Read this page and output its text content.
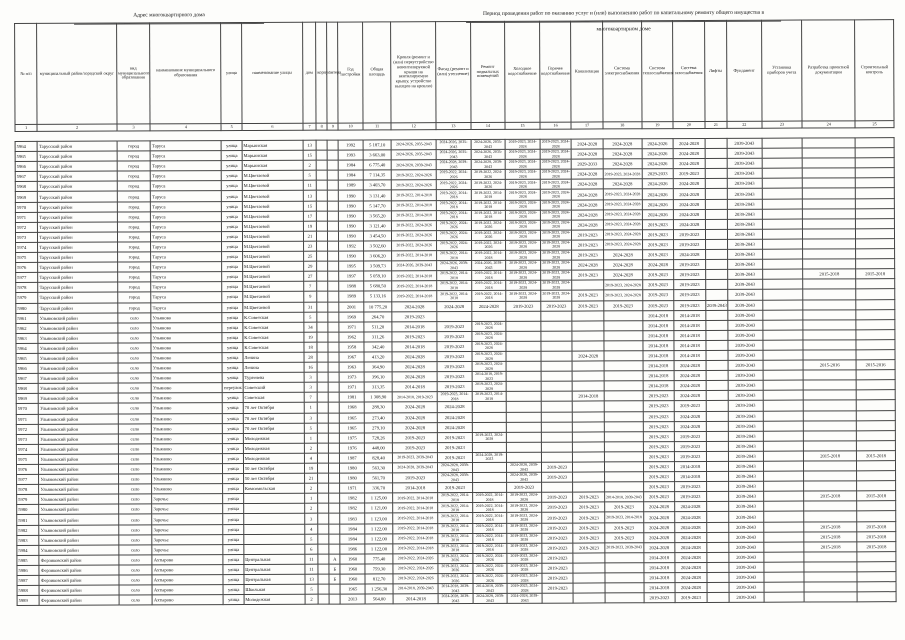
Адрес многоквартирного дома	Период проведения работ по оказанию услуг и (или) выполнению работ по капитальному ремонту общего имущества в многоквартирном доме
№ п/п	муниципальный район/городской округ	вид муниципального образования	наименование муниципального образования	улица	наименование улицы	дом	корпус	литера	Год постройки	Общая площадь	Кровля (ремонт и (или) переустройство невентилируемой крыши на вентилируемую крышу, устройство выходов на кровлю)	Фасад (ремонт и (или) утепление)	Ремонт подвальных помещений	Холодное водоснабжение	Горячее водоснабжение	Канализация	Система электроснабжения	Система теплоснабжения	Система газоснабжения	Лифты	Фундамент	Установка приборов учета	Разработка проектной документации	Строительный контроль
1	2	3	4	5	6	7	8	9	10	11	12	13	14	15	16	17	18	19	20	21	22	23	24	25
5964	Тарусский район	город	Таруса	улица	Марьинская	13			1992	5 187,10	2024-2026, 2035-2043	2024-2026, 2035-2043	2024-2026, 2035-2043	2019-2023, 2024-2028	2019-2023, 2024-2028	2024-2028	2024-2028	2024-2026	2024-2028		2039-2043			
5965	Тарусский район	город	Таруса	улица	Марьинская	15			1993	3 663,00	2024-2026, 2035-2043	2024-2026, 2035-2043	2024-2026, 2035-2043	2019-2023, 2024-2028	2019-2023, 2024-2028	2024-2028	2024-2028	2024-2026	2024-2028		2039-2043			
5966	Тарусский район	город	Таруса	улица	Марьинская	2			1984	6 775,40	2024-2028, 2039-2043	2024-2028, 2039-2043	2024-2028, 2039-2043	2019-2023, 2024-2028	2019-2023, 2024-2028	2029-2033	2024-2028	2024-2026	2024-2028		2039-2043			
5967	Тарусский район	город	Таруса	улица	М.Цветаевой	5			1984	7 114,35	2019-2022, 2024-2026	2019-2022, 2024-2026	2019-2022, 2024-2026	2019-2023, 2024-2028	2019-2023, 2024-2028	2024-2028	2019-2023, 2024-2028	2029-2033	2019-2023		2039-2043			
5968	Тарусский район	город	Таруса	улица	М.Цветаевой	11			1989	3 403,70	2019-2022, 2024-2026	2019-2022, 2024-2026	2019-2022, 2024-2026	2019-2023, 2024-2028	2019-2023, 2024-2028	2024-2028	2024-2028	2024-2026	2024-2028		2039-2043			
5969	Тарусский район	город	Таруса	улица	М.Цветаевой	13			1990	3 131,40	2019-2022, 2014-2018	2019-2022, 2014-2018	2019-2022, 2014-2018	2019-2023, 2024-2028	2019-2023, 2024-2028	2024-2028	2019-2023, 2024-2028	2024-2026	2024-2028		2039-2043			
5970	Тарусский район	город	Таруса	улица	М.Цветаевой	15			1990	5 147,70	2019-2022, 2014-2018	2019-2022, 2014-2018	2019-2022, 2014-2018	2019-2023, 2024-2028	2019-2023, 2024-2028	2024-2028	2019-2023, 2024-2028	2024-2026	2024-2028		2039-2043			
5971	Тарусский район	город	Таруса	улица	М.Цветаевой	17			1990	3 565,20	2019-2022, 2014-2018	2019-2022, 2014-2018	2019-2022, 2014-2018	2019-2023, 2024-2028	2019-2023, 2024-2028	2024-2028	2019-2023, 2024-2028	2024-2026	2024-2028		2039-2043			
5972	Тарусский район	город	Таруса	улица	М.Цветаевой	19			1990	3 121,40	2019-2022, 2024-2026	2019-2022, 2024-2026	2019-2022, 2024-2026	2019-2023, 2024-2028	2019-2023, 2024-2028	2024-2028	2019-2023, 2024-2028	2019-2023	2024-2028		2039-2043			
5973	Тарусский район	город	Таруса	улица	М.Цветаевой	21			1990	3 454,50	2019-2022, 2024-2026	2019-2022, 2024-2026	2019-2022, 2024-2026	2019-2023, 2024-2028	2019-2023, 2024-2028	2019-2023	2019-2023, 2024-2028	2019-2023	2019-2023		2039-2043			
5974	Тарусский район	город	Таруса	улица	М.Цветаевой	23			1992	3 502,60	2019-2022, 2024-2026	2019-2022, 2024-2026	2019-2022, 2024-2026	2019-2023, 2024-2028	2019-2023, 2024-2028	2019-2023	2019-2023, 2024-2028	2019-2023	2019-2023		2039-2043			
5975	Тарусский район	город	Таруса	улица	М.Цветаевой	25			1990	3 606,20	2019-2022, 2014-2018	2019-2022, 2014-2018	2019-2022, 2014-2018	2019-2023, 2024-2028	2019-2023, 2024-2028	2019-2023	2024-2028	2019-2023	2024-2028		2039-2043			
5976	Тарусский район	город	Таруса	улица	М.Цветаевой	29			1995	3 509,73	2024-2026, 2039-2043	2024-2026, 2039-2043	2024-2026, 2039-2043	2019-2023, 2024-2028	2019-2023, 2024-2028	2024-2028	2024-2028	2024-2028	2019-2023		2039-2043			
5977	Тарусский район	город	Таруса	улица	М.Цветаевой	27			1997	5 059,10	2019-2022, 2014-2018	2019-2022, 2014-2018	2019-2022, 2014-2018	2019-2023, 2024-2028	2019-2023, 2024-2028	2019-2023	2024-2028	2019-2023	2019-2023		2039-2043		2015-2018	2015-2018
5978	Тарусский район	город	Таруса	улица	М.Цветаевой	7			1988	5 680,50	2019-2022, 2014-2018	2019-2022, 2014-2018	2019-2022, 2014-2018	2019-2023, 2024-2028	2019-2023, 2024-2028		2019-2023, 2024-2028	2019-2023	2019-2023		2039-2043			
5979	Тарусский район	город	Таруса	улица	М.Цветаевой	9			1989	5 133,16	2019-2022, 2014-2018	2019-2022, 2014-2018	2019-2022, 2014-2018	2019-2023, 2024-2028	2019-2023, 2024-2028	2019-2023	2019-2023, 2024-2028	2019-2023	2019-2023		2039-2043			
5980	Тарусский район	город	Таруса	улица	М.Цветаевой	31			2001	10 775,20	2024-2028	2024-2028	2024-2028	2019-2023	2019-2023	2019-2023	2019-2023	2019-2023	2019-2023	2039-2043	2039-2043			
5961	Ульяновский район	село	Ульяново	улица	К.Советская	5			1969	264,70	2019-2023							2014-2018	2014-2018		2039-2043			
5962	Ульяновский район	село	Ульяново	улица	К.Советская	34			1971	511,20	2014-2018	2019-2023	2019-2023, 2024-2028					2014-2018	2014-2018		2039-2043			
5963	Ульяновский район	село	Ульяново	улица	К.Советская	19			1962	311,26	2019-2023	2019-2023	2019-2023, 2024-2028					2014-2018	2014-2018		2039-2043			
5964	Ульяновский район	село	Ульяново	улица	К.Советская	18			1958	342,40	2014-2018	2019-2023	2019-2023, 2024-2028					2014-2018	2014-2018		2039-2043			
5965	Ульяновский район	село	Ульяново	улица	Ленина	28			1967	413,20	2024-2028	2019-2023	2019-2023, 2024-2028			2024-2028		2014-2018	2014-2018		2039-2043			
5966	Ульяновский район	село	Ульяново	улица	Ленина	16			1963	364,90	2024-2028	2019-2023	2019-2023, 2024-2028					2014-2018	2024-2028		2039-2043		2015-2016	2015-2016
5967	Ульяновский район	село	Ульяново	улица	Тургенева	3			1973	396,10	2024-2028	2019-2023	2014-2018, 2019-2023					2014-2018	2024-2028		2039-2043			
5968	Ульяновский район	село	Ульяново	переулок	Советский	3			1971	313,35	2014-2018	2019-2023	2019-2023, 2024-2028					2014-2018	2024-2028		2039-2043			
5969	Ульяновский район	село	Ульяново	улица	Советская	7			1981	1 308,90	2014-2018, 2019-2023	2019-2023, 2014-2018	2019-2023, 2014-2018			2014-2018		2019-2023	2024-2028		2039-2043			
5970	Ульяновский район	село	Ульяново	улица	70 лет Октября	1			1968	288,30	2024-2028	2024-2028						2019-2023	2019-2023		2039-2043			
5971	Ульяновский район	село	Ульяново	улица	70 лет Октября	3			1965	273,40	2024-2028	2024-2028						2019-2023	2024-2028		2039-2043			
5972	Ульяновский район	село	Ульяново	улица	70 лет Октября	5			1965	279,10	2024-2028	2024-2028						2019-2023	2024-2028		2039-2043			
5973	Ульяновский район	село	Ульяново	улица	Молодежная	1			1975	728,26	2019-2023	2019-2023	2019-2023, 2024-2028					2019-2023	2019-2023		2039-2043			
5974	Ульяновский район	село	Ульяново	улица	Молодежная	2			1976	448,00	2019-2023	2019-2023						2019-2023	2019-2023		2039-2043			
5975	Ульяновский район	село	Ульяново	улица	Молодежная	4			1987	828,40	2019-2023, 2039-2043	2019-2023	2024-2028, 2019-2023					2019-2023	2019-2023		2039-2043		2015-2018	2015-2018
5976	Ульяновский район	село	Ульяново	улица	50 лет Октября	19			1980	563,30	2024-2028, 2039-2043	2024-2028, 2039-2043		2024-2028, 2039-2043	2019-2023			2019-2023	2014-2018		2039-2043			
5977	Ульяновский район	село	Ульяново	улица	50 лет Октября	21			1980	561,70	2019-2023	2024-2028, 2039-2043		2024-2028, 2039-2043	2019-2023			2019-2023	2014-2018		2039-2043			
5978	Ульяновский район	село	Ульяново	улица	Комсомольская	2			1971	336,70	2014-2018	2019-2023		2019-2023				2019-2023	2019-2023		2039-2043			
5979	Ульяновский район	село	Заречье	улица		1			1982	1 125,00	2019-2022, 2014-2018	2019-2022, 2014-2018	2019-2022, 2014-2018	2019-2023, 2024-2028	2019-2023	2019-2023	2014-2018, 2039-2043	2019-2023	2019-2023		2039-2043		2015-2018	2015-2018
5980	Ульяновский район	село	Заречье	улица		2			1982	1 121,00	2019-2022, 2014-2018	2019-2022, 2014-2018	2019-2022, 2014-2018	2019-2023, 2024-2028	2019-2023	2019-2023	2019-2023	2024-2028	2024-2028		2039-2043			
5981	Ульяновский район	село	Заречье	улица		3			1983	1 123,00	2019-2022, 2014-2018	2019-2022, 2014-2018	2019-2022, 2014-2018	2019-2023, 2024-2028	2019-2023	2019-2023	2019-2023, 2014-2018	2024-2028	2024-2028		2039-2043			
5982	Ульяновский район	село	Заречье	улица		4			1984	1 122,00	2019-2022, 2014-2018	2019-2022, 2014-2018	2019-2022, 2014-2018	2019-2023, 2024-2028	2019-2023	2019-2023	2019-2023	2024-2028	2024-2028		2039-2043		2015-2018	2015-2018
5983	Ульяновский район	село	Заречье	улица		5			1984	1 122,00	2019-2022, 2014-2018	2019-2022, 2014-2018	2019-2022, 2014-2018	2019-2023, 2024-2028	2019-2023	2019-2023	2019-2023	2024-2028	2024-2028		2039-2043		2015-2018	2015-2018
5984	Ульяновский район	село	Заречье	улица		6			1986	1 122,00	2019-2022, 2014-2018	2019-2022, 2014-2018	2019-2022, 2014-2018	2019-2023, 2024-2028	2019-2023	2019-2023	2019-2023, 2039-2043	2024-2028	2024-2028		2039-2043		2015-2018	2015-2018
5985	Ферзиковский район	село	Ахтырово	улица	Центральная	11		А	1960	775,40	2019-2022, 2024-2026	2019-2022, 2024-2026	2019-2022, 2024-2026	2019-2023, 2024-2028	2019-2023			2014-2018	2024-2028		2039-2043			
5986	Ферзиковский район	село	Ахтырово	улица	Центральная	11		Б	1960	759,30	2019-2022, 2024-2026	2019-2022, 2024-2026	2019-2022, 2024-2026	2019-2023, 2024-2028	2019-2023			2014-2018	2024-2028		2039-2043			
5987	Ферзиковский район	село	Ахтырово	улица	Центральная	13		Б	1960	812,70	2019-2022, 2024-2026	2019-2022, 2024-2026	2019-2022, 2024-2026	2019-2023, 2024-2028	2019-2023			2014-2018	2024-2028		2039-2043			
5988	Ферзиковский район	село	Ахтырово	улица	Школьная	5			1965	1 256,30	2014-2018, 2039-2043	2014-2018, 2039-2043	2014-2018, 2039-2043	2019-2023, 2024-2028	2019-2023			2014-2018	2024-2028		2039-2043			
5989	Ферзиковский район	село	Ахтырово	улица	Молодежная	2			2013	564,00	2014-2018	2024-2028, 2039-2043	2024-2028, 2039-2043	2024-2028, 2039-2043				2019-2023	2019-2023		2039-2043			
